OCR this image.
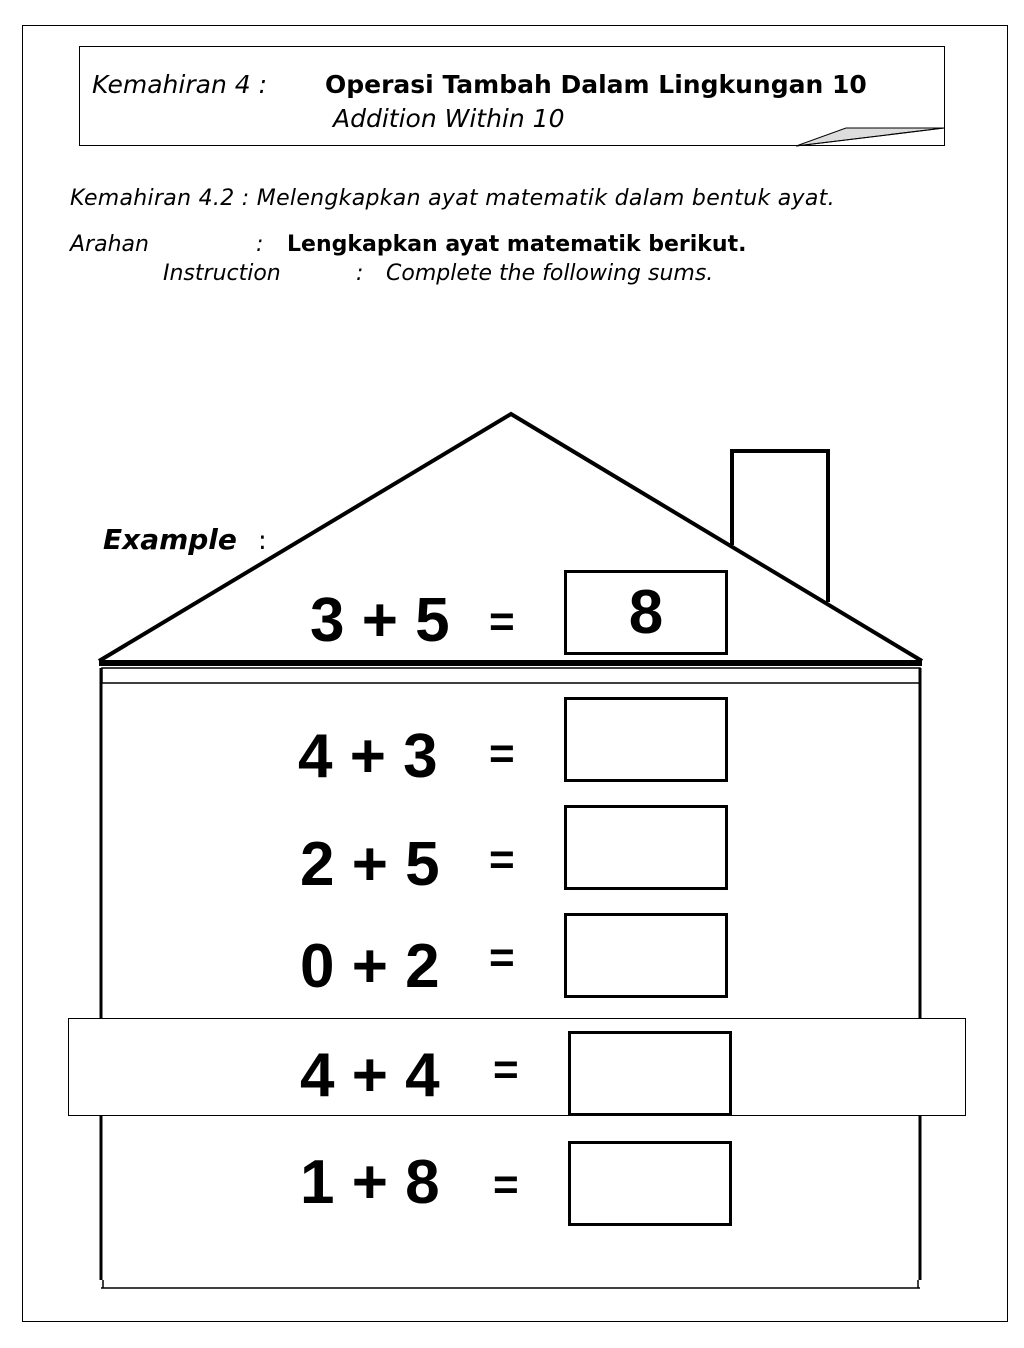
Kemahiran 4 : Operasi Tambah Dalam Lingkungan 10
Addition Within 10
Kemahiran 4.2 : Melengkapkan ayat matematik dalam bentuk ayat.
Arahan	: Lengkapkan ayat matematik berikut.
Instruction	: Complete the following sums.
Example :
3 + 5 = 8
4 + 3 =
2 + 5 =
0 + 2 =
4 + 4 =
1 + 8 =
